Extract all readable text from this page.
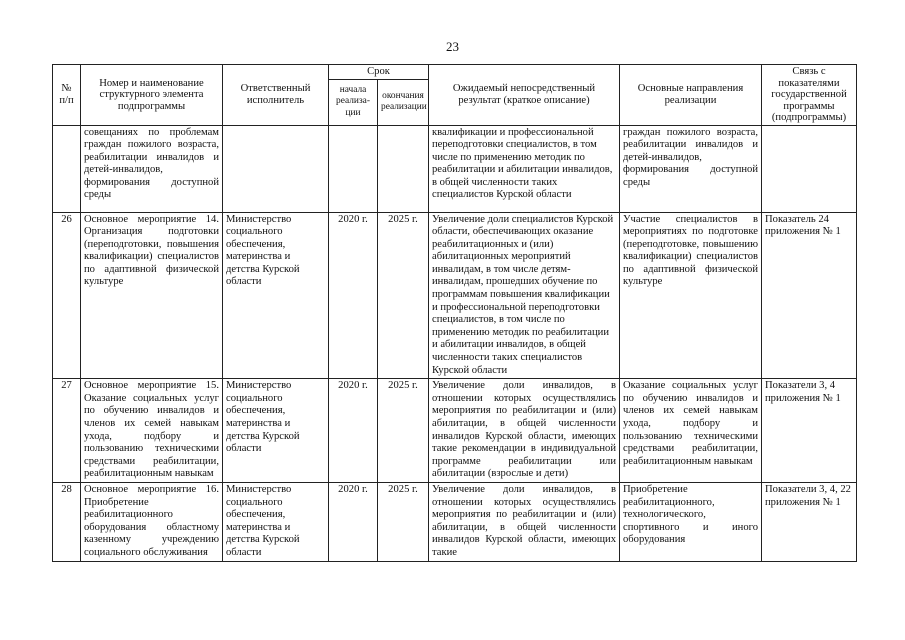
23
№ п/п	Номер и наименование структурного элемента подпрограммы	Ответственный исполнитель	Срок		Ожидаемый непосредственный результат (краткое описание)	Основные направления реализации	Связь с показателями государственной программы (подпрограммы)
			начала реализа-ции	окончания реализации			
	совещаниях по проблемам граждан пожилого возраста, реабилитации инвалидов и детей-инвалидов, формирования доступной среды				квалификации и профессиональной переподготовки специалистов, в том числе по применению методик по реабилитации и абилитации инвалидов, в общей численности таких специалистов Курской области	граждан пожилого возраста, реабилитации инвалидов и детей-инвалидов, формирования доступной среды	
26	Основное мероприятие 14. Организация подготовки (переподготовки, повышения квалификации) специалистов по адаптивной физической культуре	Министерство социального обеспечения, материнства и детства Курской области	2020 г.	2025 г.	Увеличение доли специалистов Курской области, обеспечивающих оказание реабилитационных и (или) абилитационных мероприятий инвалидам, в том числе детям-инвалидам, прошедших обучение по программам повышения квалификации и профессиональной переподготовки специалистов, в том числе по применению методик по реабилитации и абилитации инвалидов, в общей численности таких специалистов Курской области	Участие специалистов в мероприятиях по подготовке (переподготовке, повышению квалификации) специалистов по адаптивной физической культуре	Показатель 24 приложения № 1
27	Основное мероприятие 15. Оказание социальных услуг по обучению инвалидов и членов их семей навыкам ухода, подбору и пользованию техническими средствами реабилитации, реабилитационным навыкам	Министерство социального обеспечения, материнства и детства Курской области	2020 г.	2025 г.	Увеличение доли инвалидов, в отношении которых осуществлялись мероприятия по реабилитации и (или) абилитации, в общей численности инвалидов Курской области, имеющих такие рекомендации в индивидуальной программе реабилитации или абилитации (взрослые и дети)	Оказание социальных услуг по обучению инвалидов и членов их семей навыкам ухода, подбору и пользованию техническими средствами реабилитации, реабилитационным навыкам	Показатели 3, 4 приложения № 1
28	Основное мероприятие 16. Приобретение реабилитационного оборудования областному казенному учреждению социального обслуживания	Министерство социального обеспечения, материнства и детства Курской области	2020 г.	2025 г.	Увеличение доли инвалидов, в отношении которых осуществлялись мероприятия по реабилитации и (или) абилитации, в общей численности инвалидов Курской области, имеющих такие	Приобретение реабилитационного, технологического, спортивного и иного оборудования	Показатели 3, 4, 22 приложения № 1
